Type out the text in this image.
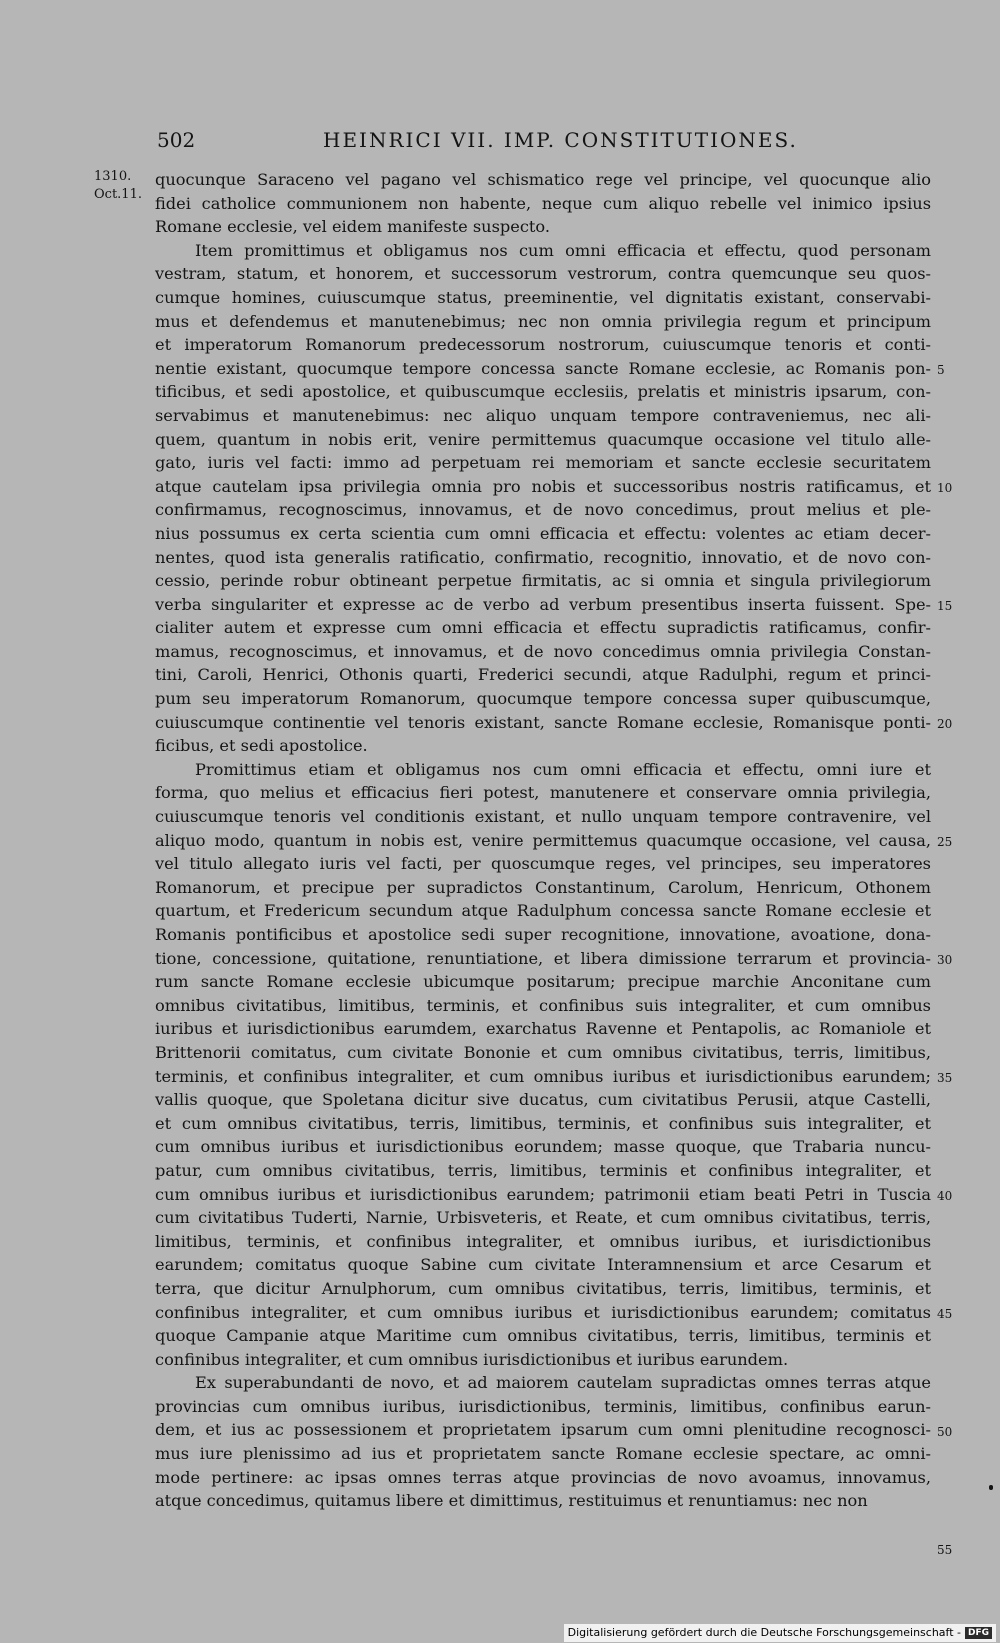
502	HEINRICI VII. IMP. CONSTITUTIONES.
1310.
Oct.11.
quocunque Saraceno vel pagano vel schismatico rege vel principe, vel quocunque alio
fidei catholice communionem non habente, neque cum aliquo rebelle vel inimico ipsius
Romane ecclesie, vel eidem manifeste suspecto.
Item promittimus et obligamus nos cum omni efficacia et effectu, quod personam
vestram, statum, et honorem, et successorum vestrorum, contra quemcunque seu quos-
cumque homines, cuiuscumque status, preeminentie, vel dignitatis existant, conservabi-
mus et defendemus et manutenebimus; nec non omnia privilegia regum et principum
et imperatorum Romanorum predecessorum nostrorum, cuiuscumque tenoris et conti-
nentie existant, quocumque tempore concessa sancte Romane ecclesie, ac Romanis pon-
tificibus, et sedi apostolice, et quibuscumque ecclesiis, prelatis et ministris ipsarum, con-
servabimus et manutenebimus: nec aliquo unquam tempore contraveniemus, nec ali-
quem, quantum in nobis erit, venire permittemus quacumque occasione vel titulo alle-
gato, iuris vel facti: immo ad perpetuam rei memoriam et sancte ecclesie securitatem
atque cautelam ipsa privilegia omnia pro nobis et successoribus nostris ratificamus, et
confirmamus, recognoscimus, innovamus, et de novo concedimus, prout melius et ple-
nius possumus ex certa scientia cum omni efficacia et effectu: volentes ac etiam decer-
nentes, quod ista generalis ratificatio, confirmatio, recognitio, innovatio, et de novo con-
cessio, perinde robur obtineant perpetue firmitatis, ac si omnia et singula privilegiorum
verba singulariter et expresse ac de verbo ad verbum presentibus inserta fuissent. Spe-
cialiter autem et expresse cum omni efficacia et effectu supradictis ratificamus, confir-
mamus, recognoscimus, et innovamus, et de novo concedimus omnia privilegia Constan-
tini, Caroli, Henrici, Othonis quarti, Frederici secundi, atque Radulphi, regum et princi-
pum seu imperatorum Romanorum, quocumque tempore concessa super quibuscumque,
cuiuscumque continentie vel tenoris existant, sancte Romane ecclesie, Romanisque ponti-
ficibus, et sedi apostolice.
Promittimus etiam et obligamus nos cum omni efficacia et effectu, omni iure et
forma, quo melius et efficacius fieri potest, manutenere et conservare omnia privilegia,
cuiuscumque tenoris vel conditionis existant, et nullo unquam tempore contravenire, vel
aliquo modo, quantum in nobis est, venire permittemus quacumque occasione, vel causa,
vel titulo allegato iuris vel facti, per quoscumque reges, vel principes, seu imperatores
Romanorum, et precipue per supradictos Constantinum, Carolum, Henricum, Othonem
quartum, et Fredericum secundum atque Radulphum concessa sancte Romane ecclesie et
Romanis pontificibus et apostolice sedi super recognitione, innovatione, avoatione, dona-
tione, concessione, quitatione, renuntiatione, et libera dimissione terrarum et provincia-
rum sancte Romane ecclesie ubicumque positarum; precipue marchie Anconitane cum
omnibus civitatibus, limitibus, terminis, et confinibus suis integraliter, et cum omnibus
iuribus et iurisdictionibus earumdem, exarchatus Ravenne et Pentapolis, ac Romaniole et
Brittenorii comitatus, cum civitate Bononie et cum omnibus civitatibus, terris, limitibus,
terminis, et confinibus integraliter, et cum omnibus iuribus et iurisdictionibus earundem;
vallis quoque, que Spoletana dicitur sive ducatus, cum civitatibus Perusii, atque Castelli,
et cum omnibus civitatibus, terris, limitibus, terminis, et confinibus suis integraliter, et
cum omnibus iuribus et iurisdictionibus eorundem; masse quoque, que Trabaria nuncu-
patur, cum omnibus civitatibus, terris, limitibus, terminis et confinibus integraliter, et
cum omnibus iuribus et iurisdictionibus earundem; patrimonii etiam beati Petri in Tuscia
cum civitatibus Tuderti, Narnie, Urbisveteris, et Reate, et cum omnibus civitatibus, terris,
limitibus, terminis, et confinibus integraliter, et omnibus iuribus, et iurisdictionibus
earundem; comitatus quoque Sabine cum civitate Interamnensium et arce Cesarum et
terra, que dicitur Arnulphorum, cum omnibus civitatibus, terris, limitibus, terminis, et
confinibus integraliter, et cum omnibus iuribus et iurisdictionibus earundem; comitatus
quoque Campanie atque Maritime cum omnibus civitatibus, terris, limitibus, terminis et
confinibus integraliter, et cum omnibus iurisdictionibus et iuribus earundem.
Ex superabundanti de novo, et ad maiorem cautelam supradictas omnes terras atque
provincias cum omnibus iuribus, iurisdictionibus, terminis, limitibus, confinibus earun-
dem, et ius ac possessionem et proprietatem ipsarum cum omni plenitudine recognosci-
mus iure plenissimo ad ius et proprietatem sancte Romane ecclesie spectare, ac omni-
mode pertinere: ac ipsas omnes terras atque provincias de novo avoamus, innovamus,
atque concedimus, quitamus libere et dimittimus, restituimus et renuntiamus: nec non
5
10
15
20
25
30
35
40
45
50
55
Digitalisierung gefördert durch die Deutsche Forschungsgemeinschaft - DFG
